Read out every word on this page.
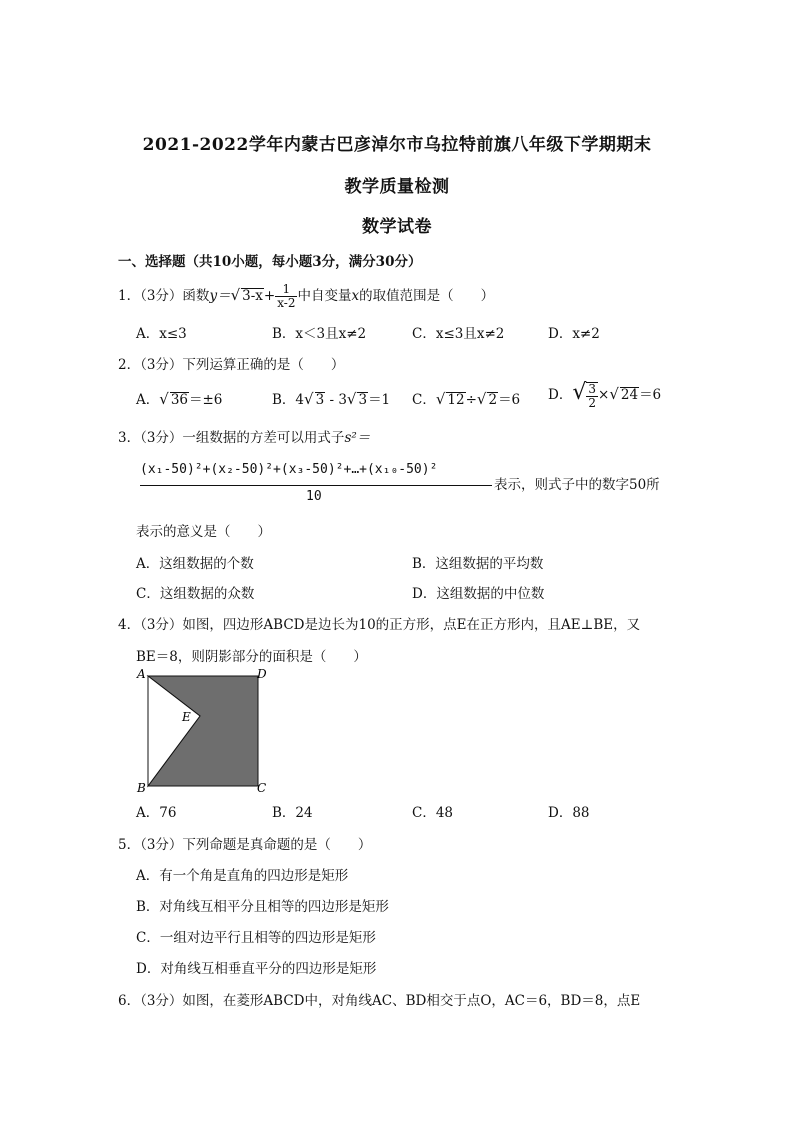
2021-2022学年内蒙古巴彦淖尔市乌拉特前旗八年级下学期期末
教学质量检测
数学试卷
一、选择题（共10小题，每小题3分，满分30分）
1．（3分）函数y＝√ $3-x+ \frac{1}{x-2}$ 中自变量x的取值范围是（　　）
A．x≤3	B．x＜3且x≠2	C．x≤3且x≠2	D．x≠2
2．（3分）下列运算正确的是（　　）
A．√ 36＝±6	B．4√ 3 - 3√ 3＝1 C．√ 12÷√ 2＝6 D．√ $\frac{3}{2}$ ×√ 24＝6
3．（3分）一组数据的方差可以用式子s²＝
(x₁-50)²+(x₂-50)²+(x₃-50)²+…+(x₁₀-50)²
10
表示，则式子中的数字50所
表示的意义是（　　）
A．这组数据的个数	B．这组数据的平均数
C．这组数据的众数	D．这组数据的中位数
4．（3分）如图，四边形ABCD是边长为10的正方形，点E在正方形内，且AE⊥BE，又
BE＝8，则阴影部分的面积是（　　）
A	D
E
B	C
A．76	B．24	C．48	D．88
5．（3分）下列命题是真命题的是（　　）
A．有一个角是直角的四边形是矩形
B．对角线互相平分且相等的四边形是矩形
C．一组对边平行且相等的四边形是矩形
D．对角线互相垂直平分的四边形是矩形
6．（3分）如图，在菱形ABCD中，对角线AC、BD相交于点O，AC＝6，BD＝8，点E
